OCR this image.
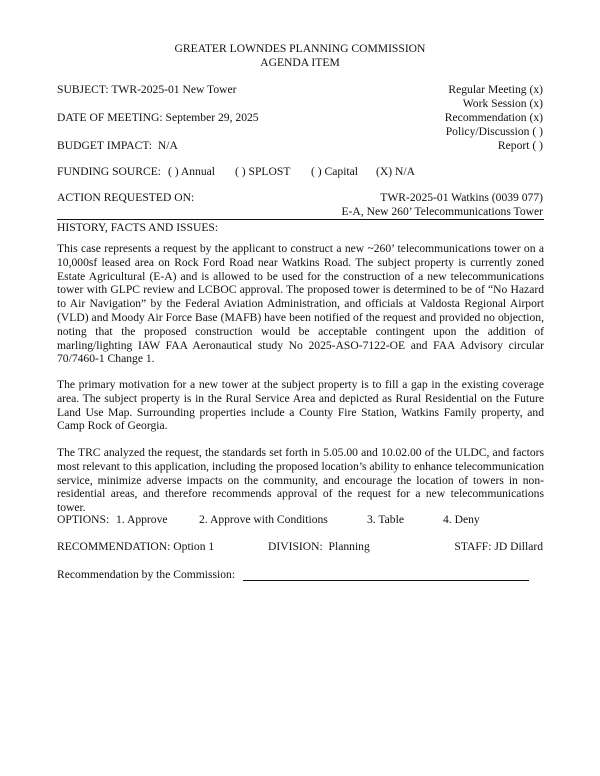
GREATER LOWNDES PLANNING COMMISSION
AGENDA ITEM
SUBJECT: TWR-2025-01 New Tower	Regular Meeting (x)
Work Session (x)
Recommendation (x)
Policy/Discussion ( )
Report ( )
DATE OF MEETING: September 29, 2025
BUDGET IMPACT: N/A
FUNDING SOURCE: ( ) Annual ( ) SPLOST ( ) Capital (X) N/A
ACTION REQUESTED ON:	TWR-2025-01 Watkins (0039 077)
E-A, New 260’ Telecommunications Tower
HISTORY, FACTS AND ISSUES:

This case represents a request by the applicant to construct a new ~260’ telecommunications tower on a 10,000sf leased area on Rock Ford Road near Watkins Road. The subject property is currently zoned Estate Agricultural (E-A) and is allowed to be used for the construction of a new telecommunications tower with GLPC review and LCBOC approval. The proposed tower is determined to be of “No Hazard to Air Navigation” by the Federal Aviation Administration, and officials at Valdosta Regional Airport (VLD) and Moody Air Force Base (MAFB) have been notified of the request and provided no objection, noting that the proposed construction would be acceptable contingent upon the addition of marling/lighting IAW FAA Aeronautical study No 2025-ASO-7122-OE and FAA Advisory circular 70/7460-1 Change 1.

The primary motivation for a new tower at the subject property is to fill a gap in the existing coverage area. The subject property is in the Rural Service Area and depicted as Rural Residential on the Future Land Use Map. Surrounding properties include a County Fire Station, Watkins Family property, and Camp Rock of Georgia.

The TRC analyzed the request, the standards set forth in 5.05.00 and 10.02.00 of the ULDC, and factors most relevant to this application, including the proposed location’s ability to enhance telecommunication service, minimize adverse impacts on the community, and encourage the location of towers in non-residential areas, and therefore recommends approval of the request for a new telecommunications tower.

OPTIONS: 1. Approve	2. Approve with Conditions	3. Table	4. Deny
RECOMMENDATION: Option 1	DIVISION: Planning	STAFF: JD Dillard
Recommendation by the Commission:
